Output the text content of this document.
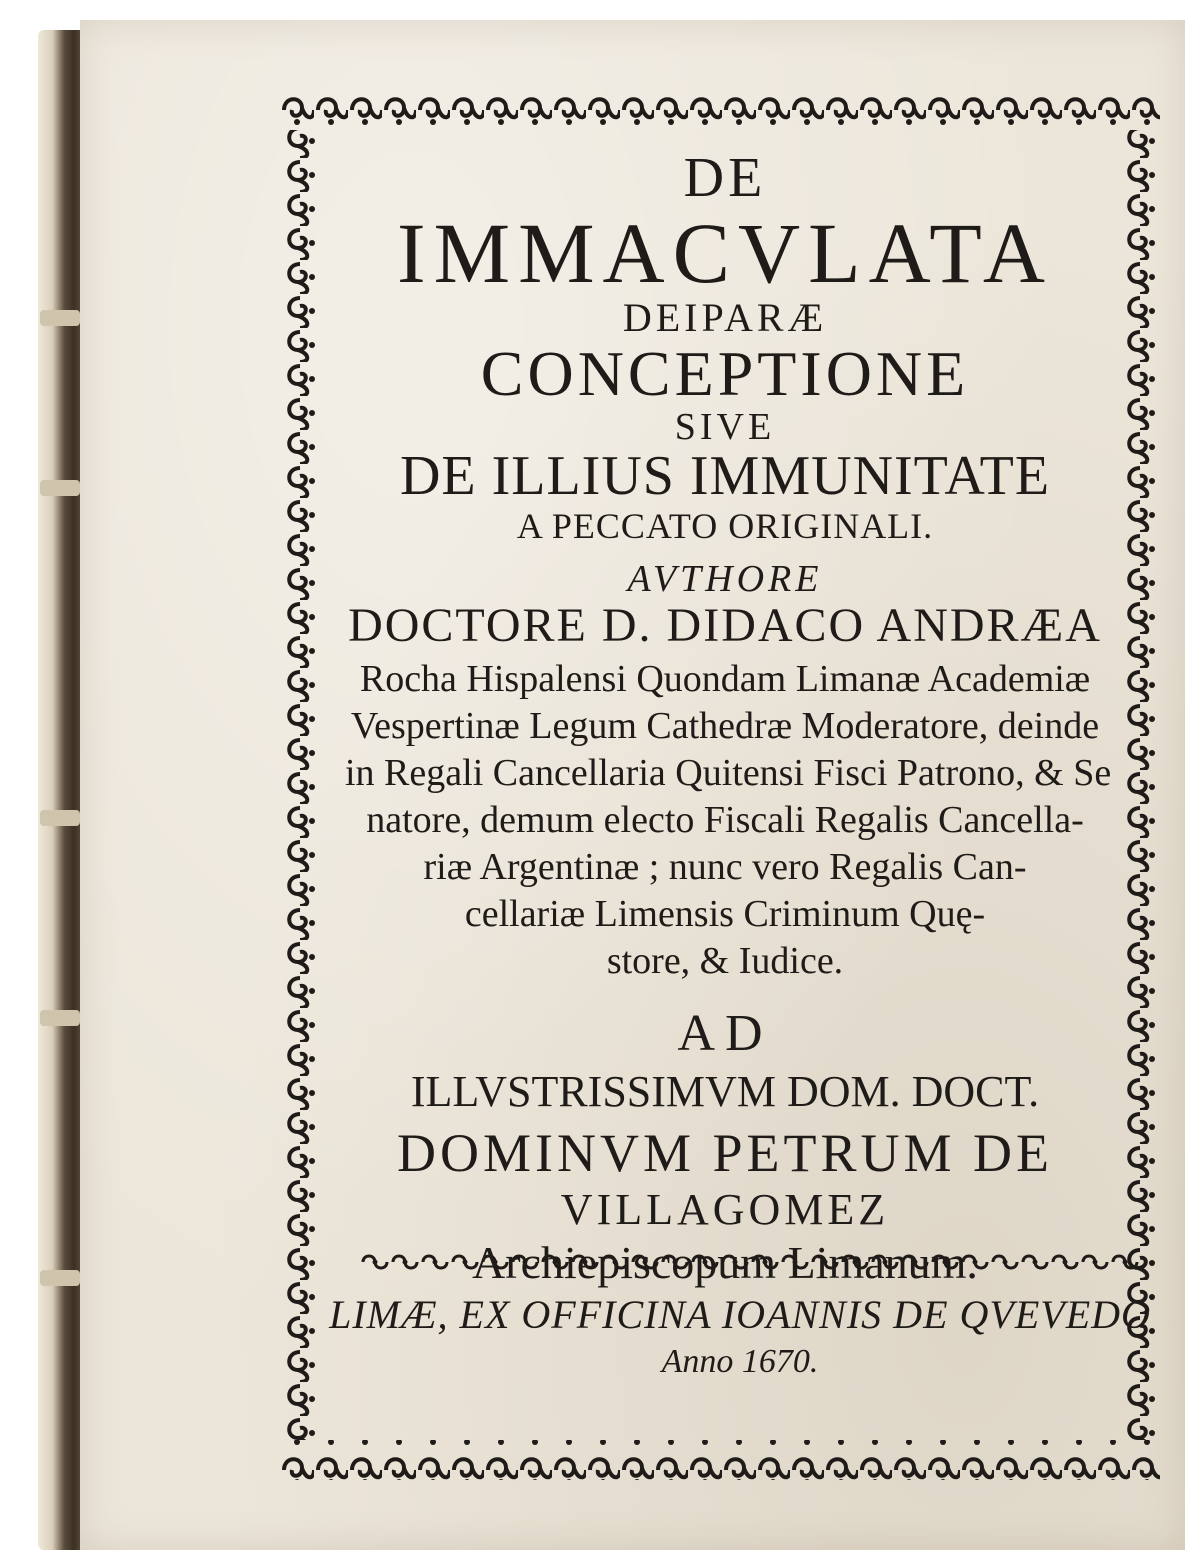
DE
IMMACVLATA
DEIPARÆ
CONCEPTIONE
SIVE
DE ILLIUS IMMUNITATE
A PECCATO ORIGINALI.
AVTHORE
DOCTORE D. DIDACO ANDRÆA
Rocha Hispalensi Quondam Limanæ Academiæ
Vespertinæ Legum Cathedræ Moderatore, deinde
in Regali Cancellaria Quitensi Fisci Patrono, & Se
natore, demum electo Fiscali Regalis Cancella-
riæ Argentinæ ; nunc vero Regalis Can-
cellariæ Limensis Criminum Quę-
store, & Iudice.
AD
ILLVSTRISSIMVM DOM. DOCT.
DOMINVM PETRUM DE
VILLAGOMEZ
LIMÆ, EX OFFICINA IOANNIS DE QVEVEDO
Anno 1670.
